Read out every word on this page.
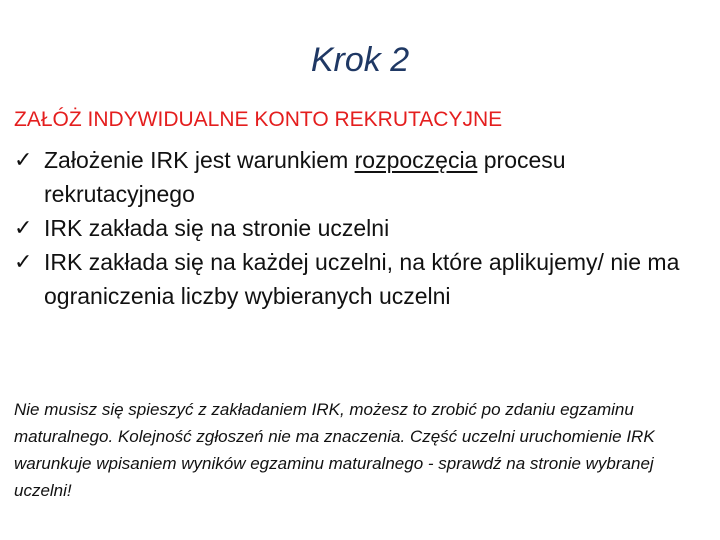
Krok 2
ZAŁÓŻ INDYWIDUALNE KONTO REKRUTACYJNE
✓ Założenie IRK jest warunkiem rozpoczęcia procesu rekrutacyjnego
✓ IRK zakłada się na stronie uczelni
✓ IRK zakłada się na każdej uczelni, na które aplikujemy/ nie ma ograniczenia liczby wybieranych uczelni
Nie musisz się spieszyć z zakładaniem IRK, możesz to zrobić po zdaniu egzaminu maturalnego. Kolejność zgłoszeń nie ma znaczenia. Część uczelni uruchomienie IRK warunkuje wpisaniem wyników egzaminu maturalnego - sprawdź na stronie wybranej uczelni!
